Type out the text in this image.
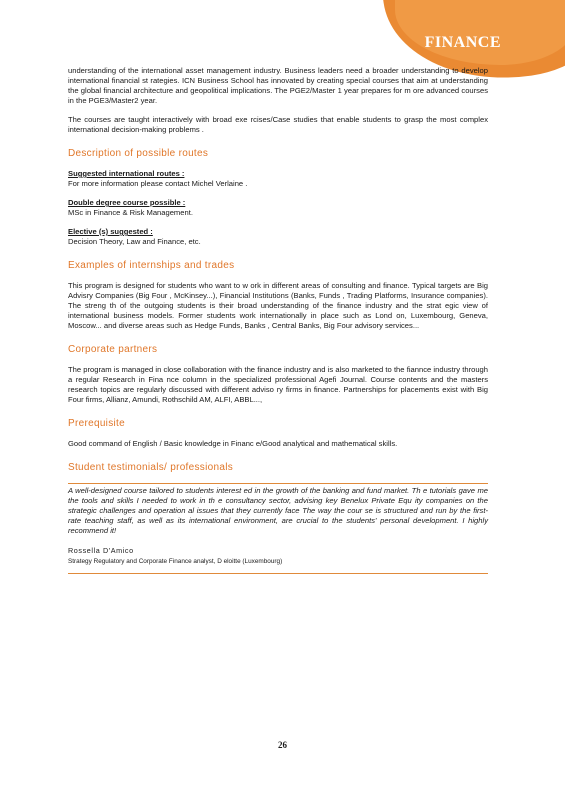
FINANCE

understanding of the international asset management industry. Business leaders need a broader understanding to develop international financial st rategies. ICN Business School has innovated by creating special courses that aim at understanding the global financial architecture and geopolitical implications. The PGE2/Master 1 year prepares for m ore advanced courses in the PGE3/Master2 year.

The courses are taught interactively with broad exe rcises/Case studies that enable students to grasp the most complex international decision-making problems .

Description of possible routes
Suggested international routes :
For more information please contact Michel Verlaine .
Double degree course possible :
MSc in Finance & Risk Management.
Elective (s) suggested :
Decision Theory, Law and Finance, etc.
Examples of internships and trades

This program is designed for students who want to w ork in different areas of consulting and finance. Typical targets are Big Advisry Companies (Big Four , McKinsey...), Financial Institutions (Banks, Funds , Trading Platforms, Insurance companies). The streng th of the outgoing students is their broad understanding of the finance industry and the strat egic view of international business models. Former students work internationally in place such as Lond on, Luxembourg, Geneva, Moscow... and diverse areas such as Hedge Funds, Banks , Central Banks, Big Four advisory services...

Corporate partners

The program is managed in close collaboration with the finance industry and is also marketed to the fiannce industry through a regular Research in Fina nce column in the specialized professional Agefi Journal. Course contents and the masters research topics are regularly discussed with different adviso ry firms in finance. Partnerships for placements exist with Big Four firms, Allianz, Amundi, Rothschild AM, ALFI, ABBL...,

Prerequisite

Good command of English / Basic knowledge in Financ e/Good analytical and mathematical skills.

Student testimonials/ professionals

A well-designed course tailored to students interest ed in the growth of the banking and fund market. Th e tutorials gave me the tools and skills I needed to work in th e consultancy sector, advising key Benelux Private Equ ity companies on the strategic challenges and operation al issues that they currently face The way the cour se is structured and run by the first-rate teaching staff, as well as its international environment, are crucial to the students' personal development. I highly recommend it!

Rossella D'Amico
Strategy Regulatory and Corporate Finance analyst, D eloitte (Luxembourg)
26
